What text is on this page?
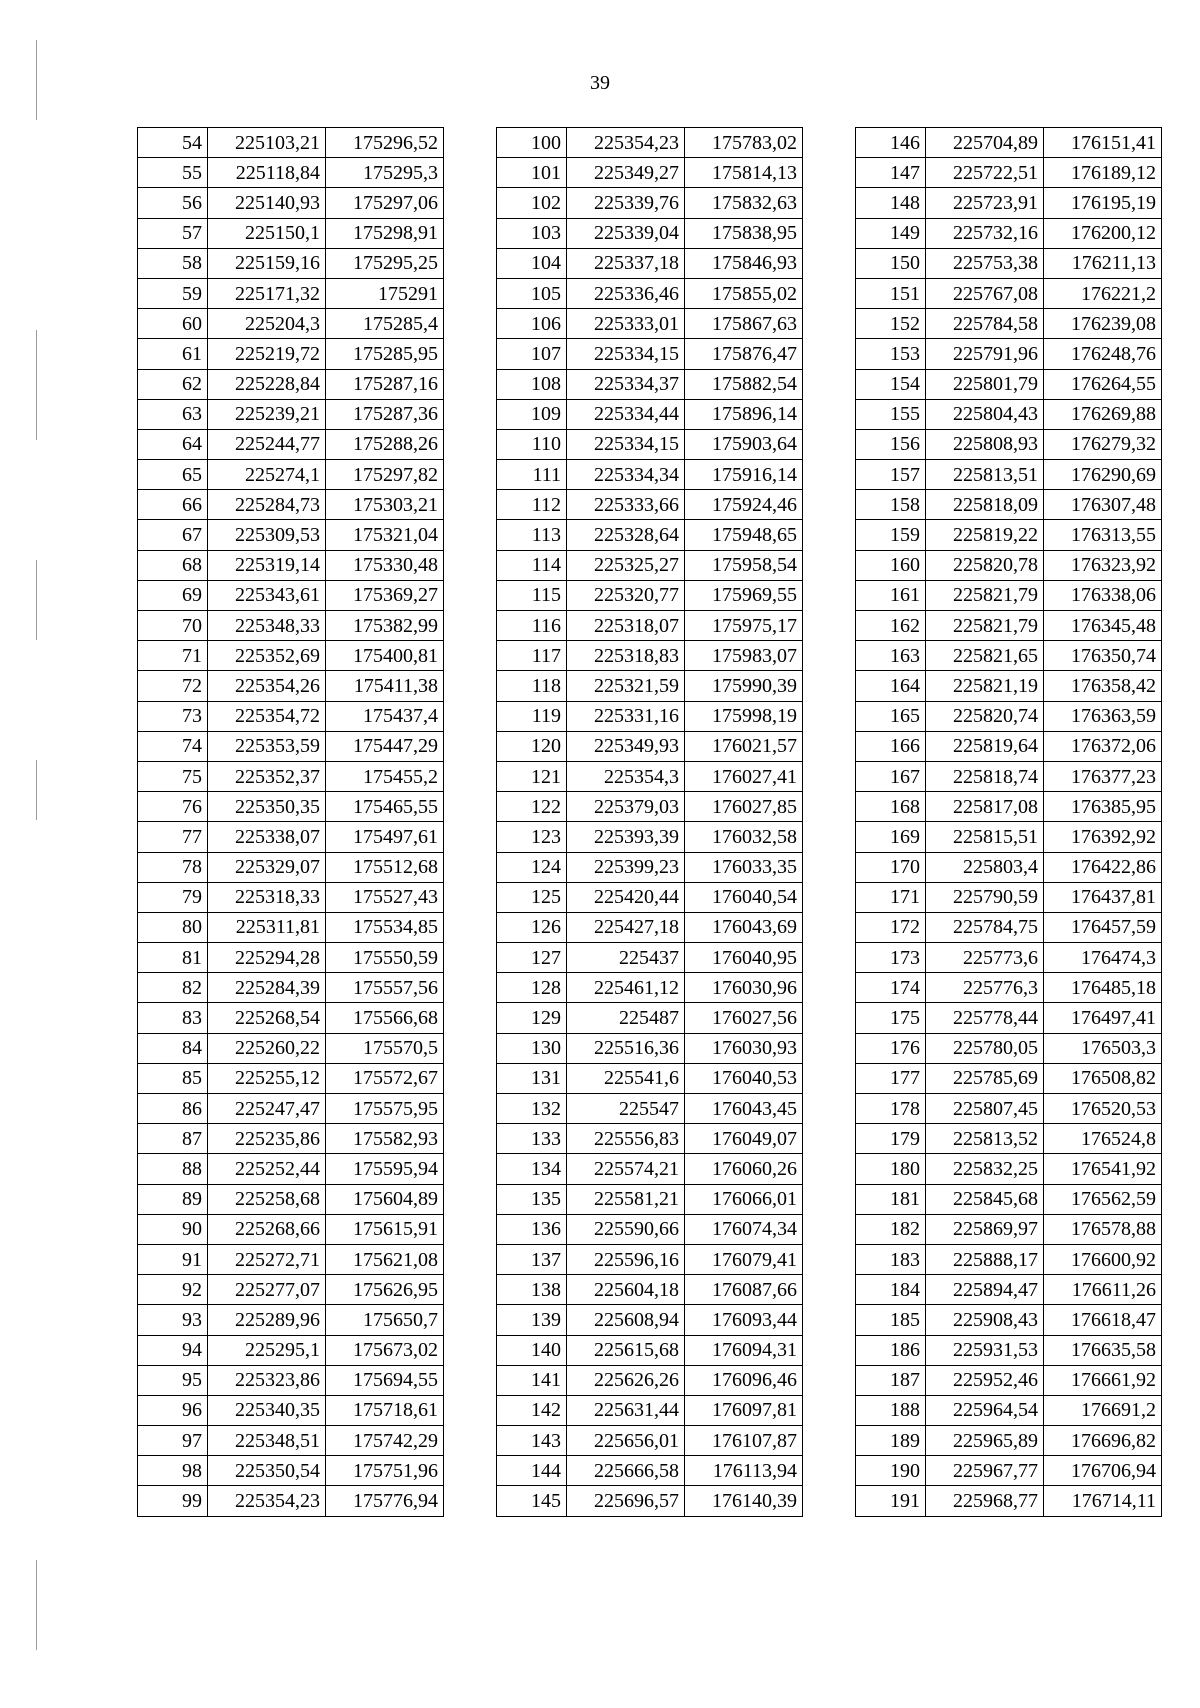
39
54	225103,21	175296,52
55	225118,84	175295,3
56	225140,93	175297,06
57	225150,1	175298,91
58	225159,16	175295,25
59	225171,32	175291
60	225204,3	175285,4
61	225219,72	175285,95
62	225228,84	175287,16
63	225239,21	175287,36
64	225244,77	175288,26
65	225274,1	175297,82
66	225284,73	175303,21
67	225309,53	175321,04
68	225319,14	175330,48
69	225343,61	175369,27
70	225348,33	175382,99
71	225352,69	175400,81
72	225354,26	175411,38
73	225354,72	175437,4
74	225353,59	175447,29
75	225352,37	175455,2
76	225350,35	175465,55
77	225338,07	175497,61
78	225329,07	175512,68
79	225318,33	175527,43
80	225311,81	175534,85
81	225294,28	175550,59
82	225284,39	175557,56
83	225268,54	175566,68
84	225260,22	175570,5
85	225255,12	175572,67
86	225247,47	175575,95
87	225235,86	175582,93
88	225252,44	175595,94
89	225258,68	175604,89
90	225268,66	175615,91
91	225272,71	175621,08
92	225277,07	175626,95
93	225289,96	175650,7
94	225295,1	175673,02
95	225323,86	175694,55
96	225340,35	175718,61
97	225348,51	175742,29
98	225350,54	175751,96
99	225354,23	175776,94
100	225354,23	175783,02
101	225349,27	175814,13
102	225339,76	175832,63
103	225339,04	175838,95
104	225337,18	175846,93
105	225336,46	175855,02
106	225333,01	175867,63
107	225334,15	175876,47
108	225334,37	175882,54
109	225334,44	175896,14
110	225334,15	175903,64
111	225334,34	175916,14
112	225333,66	175924,46
113	225328,64	175948,65
114	225325,27	175958,54
115	225320,77	175969,55
116	225318,07	175975,17
117	225318,83	175983,07
118	225321,59	175990,39
119	225331,16	175998,19
120	225349,93	176021,57
121	225354,3	176027,41
122	225379,03	176027,85
123	225393,39	176032,58
124	225399,23	176033,35
125	225420,44	176040,54
126	225427,18	176043,69
127	225437	176040,95
128	225461,12	176030,96
129	225487	176027,56
130	225516,36	176030,93
131	225541,6	176040,53
132	225547	176043,45
133	225556,83	176049,07
134	225574,21	176060,26
135	225581,21	176066,01
136	225590,66	176074,34
137	225596,16	176079,41
138	225604,18	176087,66
139	225608,94	176093,44
140	225615,68	176094,31
141	225626,26	176096,46
142	225631,44	176097,81
143	225656,01	176107,87
144	225666,58	176113,94
145	225696,57	176140,39
146	225704,89	176151,41
147	225722,51	176189,12
148	225723,91	176195,19
149	225732,16	176200,12
150	225753,38	176211,13
151	225767,08	176221,2
152	225784,58	176239,08
153	225791,96	176248,76
154	225801,79	176264,55
155	225804,43	176269,88
156	225808,93	176279,32
157	225813,51	176290,69
158	225818,09	176307,48
159	225819,22	176313,55
160	225820,78	176323,92
161	225821,79	176338,06
162	225821,79	176345,48
163	225821,65	176350,74
164	225821,19	176358,42
165	225820,74	176363,59
166	225819,64	176372,06
167	225818,74	176377,23
168	225817,08	176385,95
169	225815,51	176392,92
170	225803,4	176422,86
171	225790,59	176437,81
172	225784,75	176457,59
173	225773,6	176474,3
174	225776,3	176485,18
175	225778,44	176497,41
176	225780,05	176503,3
177	225785,69	176508,82
178	225807,45	176520,53
179	225813,52	176524,8
180	225832,25	176541,92
181	225845,68	176562,59
182	225869,97	176578,88
183	225888,17	176600,92
184	225894,47	176611,26
185	225908,43	176618,47
186	225931,53	176635,58
187	225952,46	176661,92
188	225964,54	176691,2
189	225965,89	176696,82
190	225967,77	176706,94
191	225968,77	176714,11
